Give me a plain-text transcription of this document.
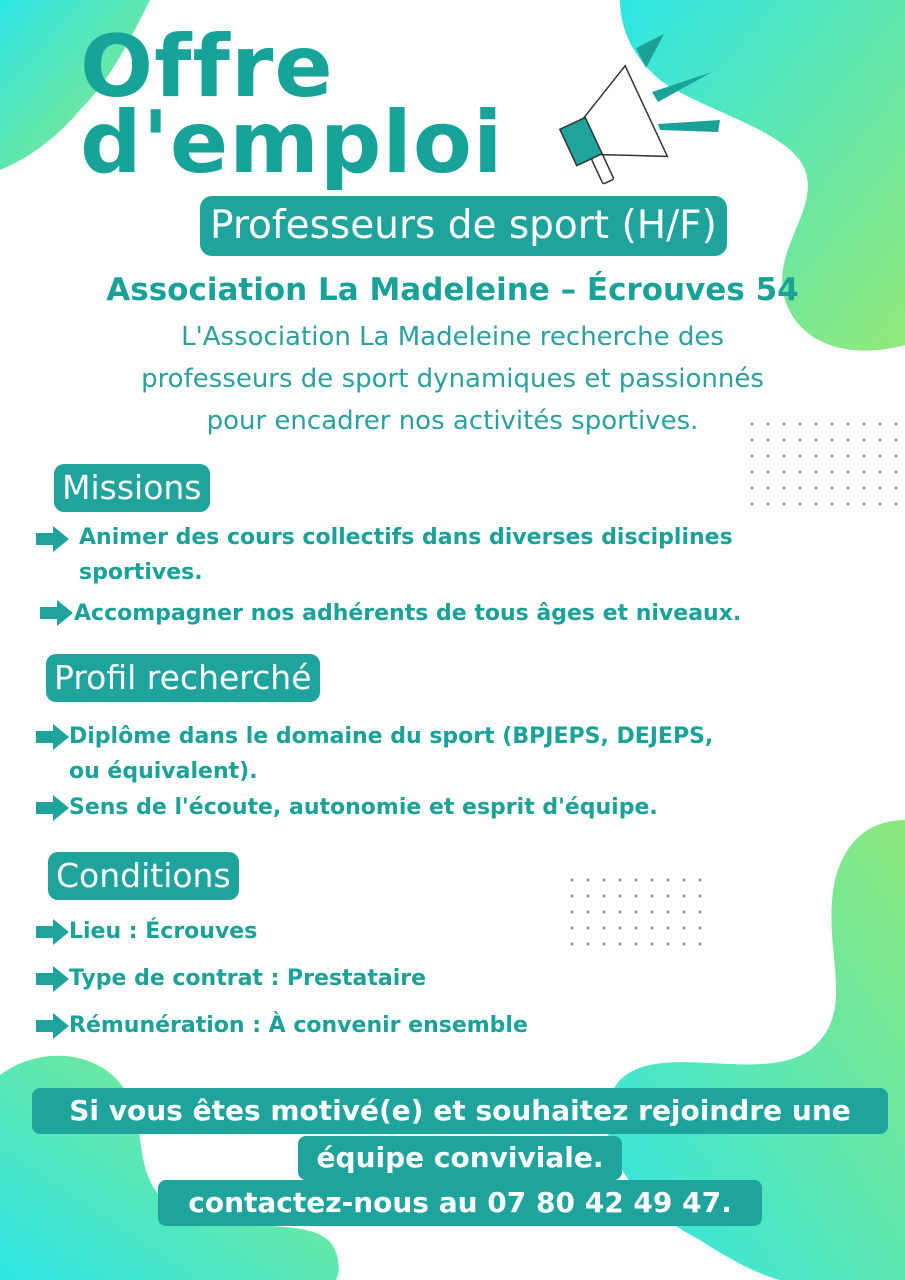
Offre
d'emploi
Professeurs de sport (H/F)
Association La Madeleine – Écrouves 54
L'Association La Madeleine recherche des
professeurs de sport dynamiques et passionnés
pour encadrer nos activités sportives.
Missions
Animer des cours collectifs dans diverses disciplines
sportives.
Accompagner nos adhérents de tous âges et niveaux.
Profil recherché
Diplôme dans le domaine du sport (BPJEPS, DEJEPS,
ou équivalent).
Sens de l'écoute, autonomie et esprit d'équipe.
Conditions
Lieu : Écrouves
Type de contrat : Prestataire
Rémunération : À convenir ensemble
Si vous êtes motivé(e) et souhaitez rejoindre une
équipe conviviale.
contactez-nous au 07 80 42 49 47.
